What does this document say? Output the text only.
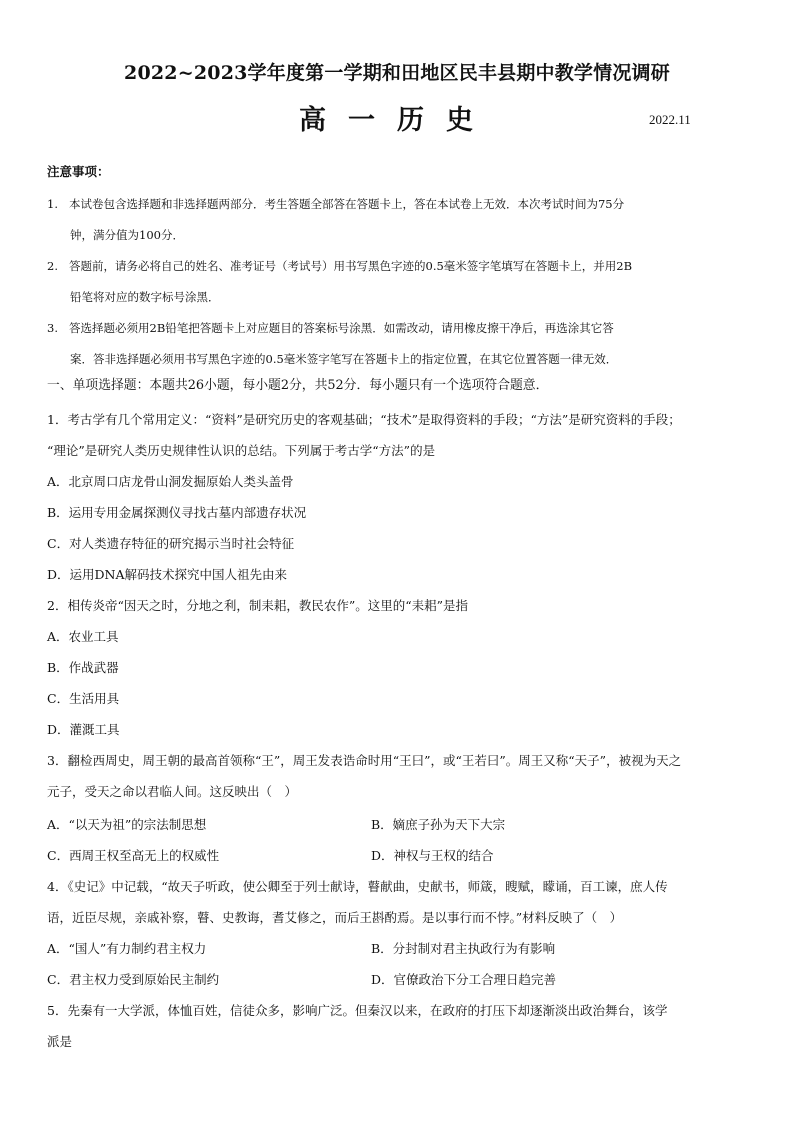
2022~2023学年度第一学期和田地区民丰县期中教学情况调研
高一历史	2022.11
注意事项：
1. 本试卷包含选择题和非选择题两部分．考生答题全部答在答题卡上，答在本试卷上无效．本次考试时间为75分
钟，满分值为100分．
2. 答题前，请务必将自己的姓名、准考证号（考试号）用书写黑色字迹的0.5毫米签字笔填写在答题卡上，并用2B
铅笔将对应的数字标号涂黑．
3. 答选择题必须用2B铅笔把答题卡上对应题目的答案标号涂黑．如需改动，请用橡皮擦干净后，再选涂其它答
案．答非选择题必须用书写黑色字迹的0.5毫米签字笔写在答题卡上的指定位置，在其它位置答题一律无效．
一、单项选择题：本题共26小题，每小题2分，共52分．每小题只有一个选项符合题意．
1．考古学有几个常用定义：“资料”是研究历史的客观基础；“技术”是取得资料的手段；“方法”是研究资料的手段；
“理论”是研究人类历史规律性认识的总结。下列属于考古学“方法”的是
A．北京周口店龙骨山洞发掘原始人类头盖骨
B．运用专用金属探测仪寻找古墓内部遗存状况
C．对人类遗存特征的研究揭示当时社会特征
D．运用DNA解码技术探究中国人祖先由来
2．相传炎帝“因天之时，分地之利，制耒耜，教民农作”。这里的“耒耜”是指
A．农业工具
B．作战武器
C．生活用具
D．灌溉工具
3．翻检西周史，周王朝的最高首领称“王”，周王发表诰命时用“王曰”，或“王若曰”。周王又称“天子”，被视为天之
元子，受天之命以君临人间。这反映出（　）
A．“以天为祖”的宗法制思想	B．嫡庶子孙为天下大宗
C．西周王权至高无上的权威性	D．神权与王权的结合
4．《史记》中记载，“故天子听政，使公卿至于列士献诗，瞽献曲，史献书，师箴，瞍赋，矇诵，百工谏，庶人传
语，近臣尽规，亲戚补察，瞽、史教诲，耆艾修之，而后王斟酌焉。是以事行而不悖。”材料反映了（　）
A．“国人”有力制约君主权力	B．分封制对君主执政行为有影响
C．君主权力受到原始民主制约	D．官僚政治下分工合理日趋完善
5．先秦有一大学派，体恤百姓，信徒众多，影响广泛。但秦汉以来，在政府的打压下却逐渐淡出政治舞台，该学
派是
